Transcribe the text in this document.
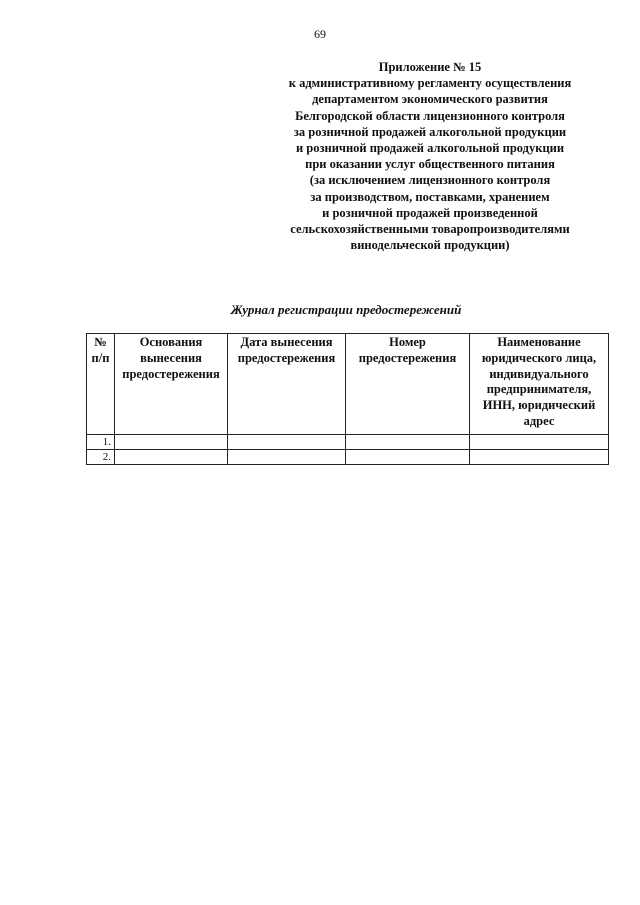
69
Приложение № 15
к административному регламенту осуществления
департаментом экономического развития
Белгородской области лицензионного контроля
за розничной продажей алкогольной продукции
и розничной продажей алкогольной продукции
при оказании услуг общественного питания
(за исключением лицензионного контроля
за производством, поставками, хранением
и розничной продажей произведенной
сельскохозяйственными товаропроизводителями
винодельческой продукции)
Журнал регистрации предостережений
№ п/п	Основания вынесения предостережения	Дата вынесения предостережения	Номер предостережения	Наименование юридического лица, индивидуального предпринимателя, ИНН, юридический адрес
1.				
2.				
